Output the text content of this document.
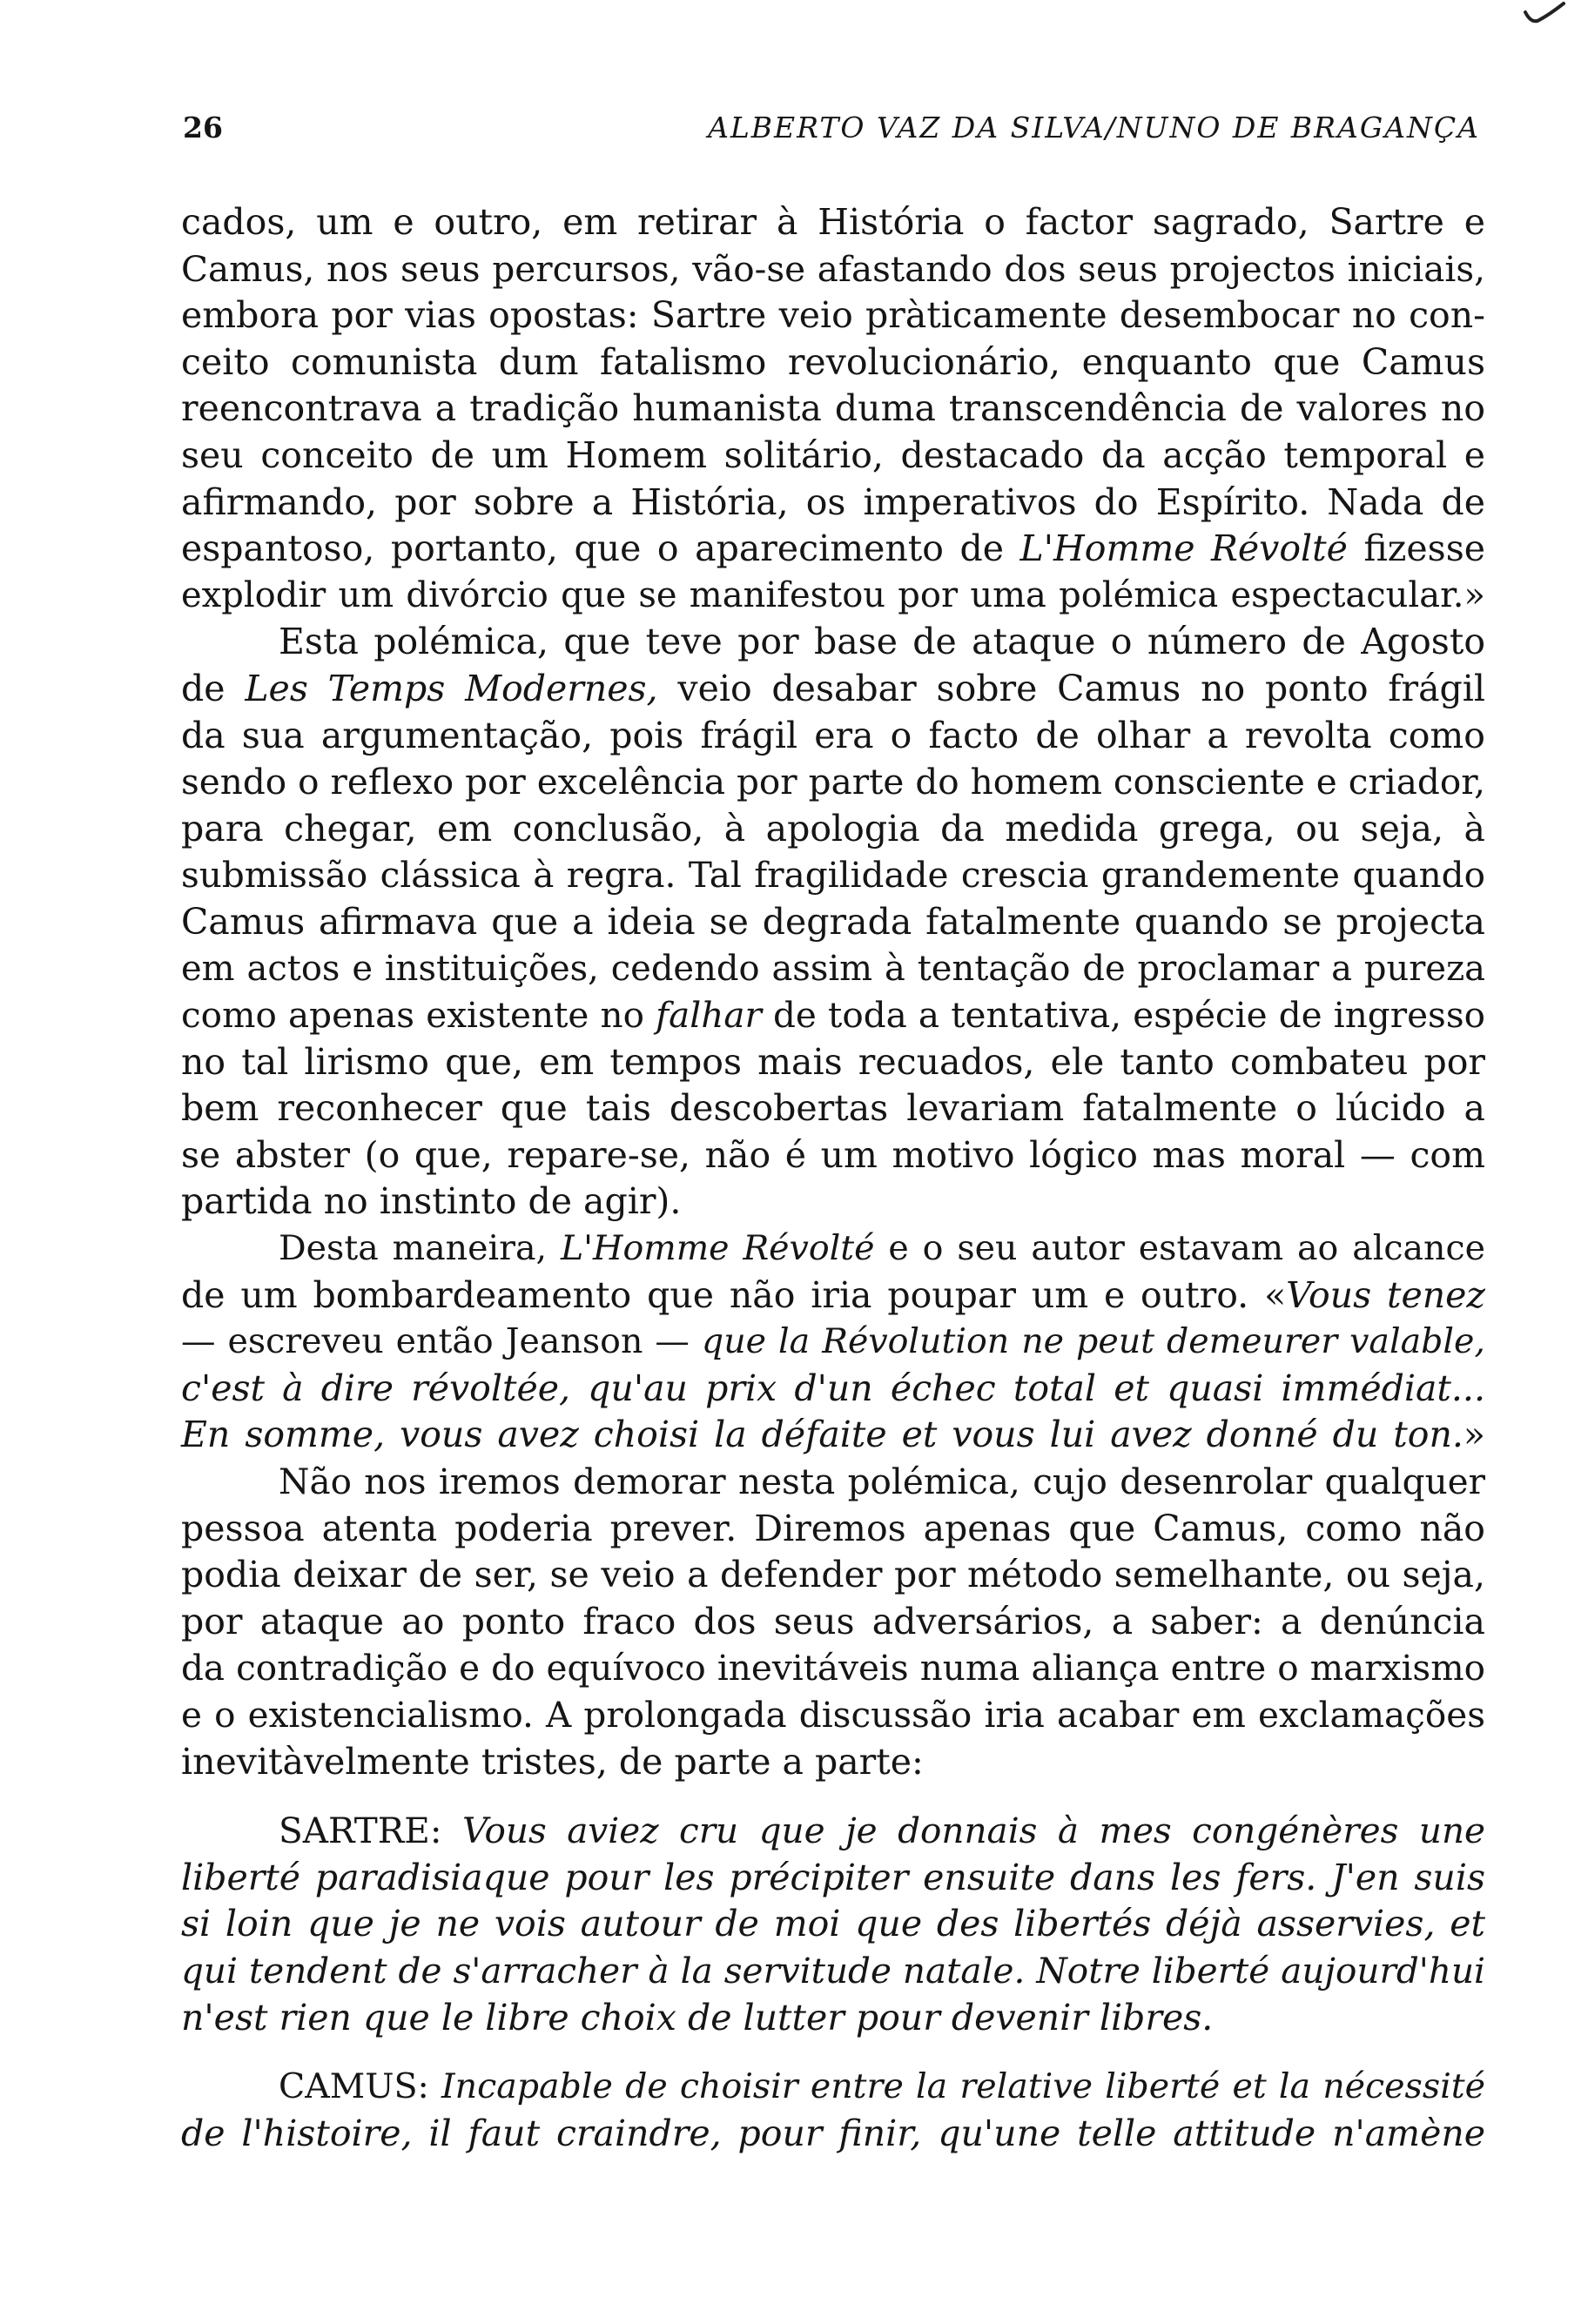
26	ALBERTO VAZ DA SILVA/NUNO DE BRAGANÇA
cados, um e outro, em retirar à História o factor sagrado, Sartre e
Camus, nos seus percursos, vão-se afastando dos seus projectos iniciais,
embora por vias opostas: Sartre veio pràticamente desembocar no con-
ceito comunista dum fatalismo revolucionário, enquanto que Camus
reencontrava a tradição humanista duma transcendência de valores no
seu conceito de um Homem solitário, destacado da acção temporal e
afirmando, por sobre a História, os imperativos do Espírito. Nada de
espantoso, portanto, que o aparecimento de L'Homme Révolté fizesse
explodir um divórcio que se manifestou por uma polémica espectacular.»
Esta polémica, que teve por base de ataque o número de Agosto
de Les Temps Modernes, veio desabar sobre Camus no ponto frágil
da sua argumentação, pois frágil era o facto de olhar a revolta como
sendo o reflexo por excelência por parte do homem consciente e criador,
para chegar, em conclusão, à apologia da medida grega, ou seja, à
submissão clássica à regra. Tal fragilidade crescia grandemente quando
Camus afirmava que a ideia se degrada fatalmente quando se projecta
em actos e instituições, cedendo assim à tentação de proclamar a pureza
como apenas existente no falhar de toda a tentativa, espécie de ingresso
no tal lirismo que, em tempos mais recuados, ele tanto combateu por
bem reconhecer que tais descobertas levariam fatalmente o lúcido a
se abster (o que, repare-se, não é um motivo lógico mas moral — com
partida no instinto de agir).
Desta maneira, L'Homme Révolté e o seu autor estavam ao alcance
de um bombardeamento que não iria poupar um e outro. «Vous tenez
— escreveu então Jeanson — que la Révolution ne peut demeurer valable,
c'est à dire révoltée, qu'au prix d'un échec total et quasi immédiat...
En somme, vous avez choisi la défaite et vous lui avez donné du ton.»
Não nos iremos demorar nesta polémica, cujo desenrolar qualquer
pessoa atenta poderia prever. Diremos apenas que Camus, como não
podia deixar de ser, se veio a defender por método semelhante, ou seja,
por ataque ao ponto fraco dos seus adversários, a saber: a denúncia
da contradição e do equívoco inevitáveis numa aliança entre o marxismo
e o existencialismo. A prolongada discussão iria acabar em exclamações
inevitàvelmente tristes, de parte a parte:
SARTRE: Vous aviez cru que je donnais à mes congénères une
liberté paradisiaque pour les précipiter ensuite dans les fers. J'en suis
si loin que je ne vois autour de moi que des libertés déjà asservies, et
qui tendent de s'arracher à la servitude natale. Notre liberté aujourd'hui
n'est rien que le libre choix de lutter pour devenir libres.
CAMUS: Incapable de choisir entre la relative liberté et la nécessité
de l'histoire, il faut craindre, pour finir, qu'une telle attitude n'amène
